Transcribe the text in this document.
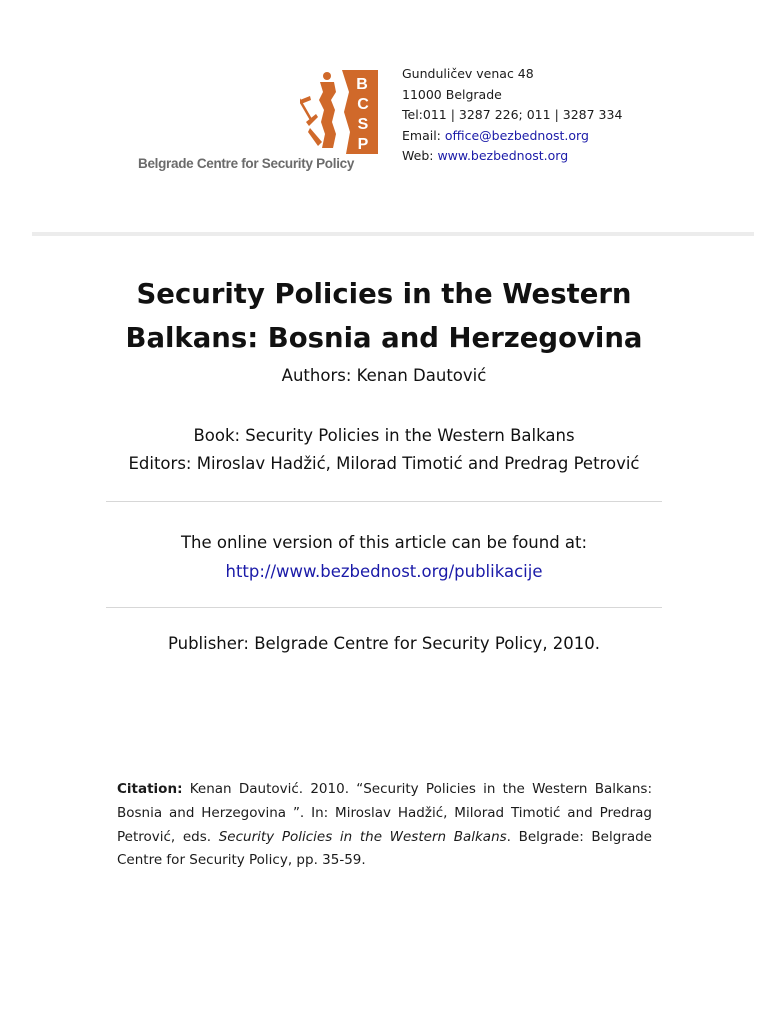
B
C
S
P
Belgrade Centre for Security Policy
Gunduličev venac 48
11000 Belgrade
Tel:011 | 3287 226; 011 | 3287 334
Email: office@bezbednost.org
Web: www.bezbednost.org
Security Policies in the Western
Balkans: Bosnia and Herzegovina
Authors: Kenan Dautović
Book: Security Policies in the Western Balkans
Editors: Miroslav Hadžić, Milorad Timotić and Predrag Petrović
The online version of this article can be found at:
http://www.bezbednost.org/publikacije
Publisher: Belgrade Centre for Security Policy, 2010.
Citation: Kenan Dautović. 2010. “Security Policies in the Western Balkans: Bosnia and Herzegovina ”. In: Miroslav Hadžić, Milorad Timotić and Predrag Petrović, eds. Security Policies in the Western Balkans. Belgrade: Belgrade Centre for Security Policy, pp. 35-59.
